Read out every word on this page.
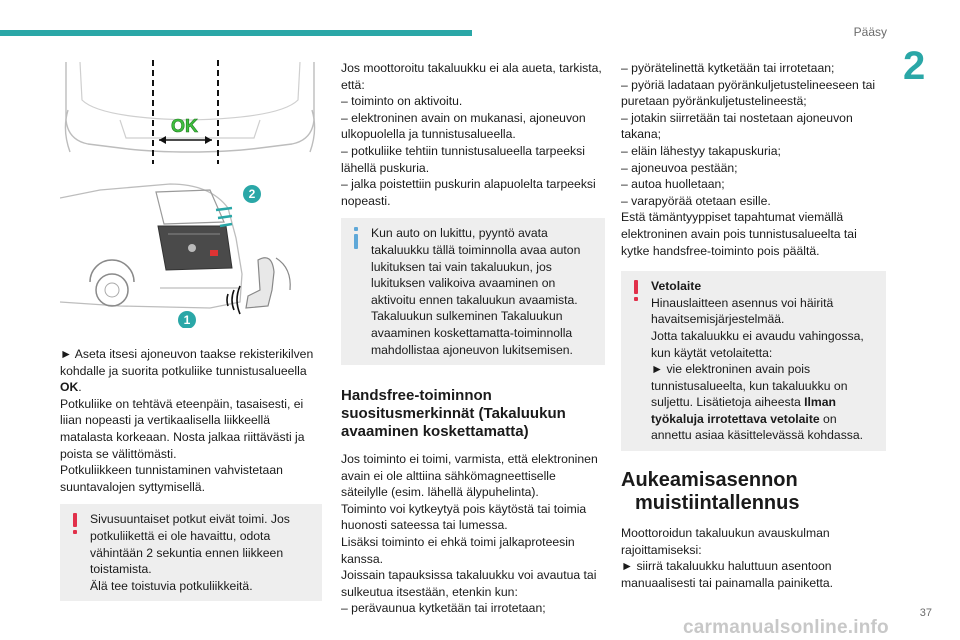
Pääsy
2
OK
2
1

► Aseta itsesi ajoneuvon taakse rekisterikilven kohdalle ja suorita potkuliike tunnistusalueella OK.

Potkuliike on tehtävä eteenpäin, tasaisesti, ei liian nopeasti ja vertikaalisella liikkeellä matalasta korkeaan. Nosta jalkaa riittävästi ja poista se välittömästi.

Potkuliikkeen tunnistaminen vahvistetaan suuntavalojen syttymisellä.

Sivusuuntaiset potkut eivät toimi. Jos potkuliikettä ei ole havaittu, odota vähintään 2 sekuntia ennen liikkeen toistamista.

Älä tee toistuvia potkuliikkeitä.

Jos moottoroitu takaluukku ei ala aueta, tarkista, että:

– toiminto on aktivoitu.

– elektroninen avain on mukanasi, ajoneuvon ulkopuolella ja tunnistusalueella.

– potkuliike tehtiin tunnistusalueella tarpeeksi lähellä puskuria.

– jalka poistettiin puskurin alapuolelta tarpeeksi nopeasti.

Kun auto on lukittu, pyyntö avata takaluukku tällä toiminnolla avaa auton lukituksen tai vain takaluukun, jos lukituksen valikoiva avaaminen on aktivoitu ennen takaluukun avaamista.

Takaluukun sulkeminen Takaluukun avaaminen koskettamatta-toiminnolla mahdollistaa ajoneuvon lukitsemisen.

Handsfree-toiminnon suositusmerkinnät (Takaluukun avaaminen koskettamatta)

Jos toiminto ei toimi, varmista, että elektroninen avain ei ole alttiina sähkömagneettiselle säteilylle (esim. lähellä älypuhelinta).

Toiminto voi kytkeytyä pois käytöstä tai toimia huonosti sateessa tai lumessa.

Lisäksi toiminto ei ehkä toimi jalkaproteesin kanssa.

Joissain tapauksissa takaluukku voi avautua tai sulkeutua itsestään, etenkin kun:

– perävaunua kytketään tai irrotetaan;

– pyörätelinettä kytketään tai irrotetaan;

– pyöriä ladataan pyöränkuljetustelineeseen tai puretaan pyöränkuljetustelineestä;

– jotakin siirretään tai nostetaan ajoneuvon takana;

– eläin lähestyy takapuskuria;

– ajoneuvoa pestään;

– autoa huolletaan;

– varapyörää otetaan esille.

Estä tämäntyyppiset tapahtumat viemällä elektroninen avain pois tunnistusalueelta tai kytke handsfree-toiminto pois päältä.

Vetolaite

Hinauslaitteen asennus voi häiritä havaitsemisjärjestelmää.

Jotta takaluukku ei avaudu vahingossa, kun käytät vetolaitetta:

► vie elektroninen avain pois tunnistusalueelta, kun takaluukku on suljettu. Lisätietoja aiheesta Ilman työkaluja irrotettava vetolaite on annettu asiaa käsittelevässä kohdassa.

Aukeamisasennon
muistiintallennus

Moottoroidun takaluukun avauskulman rajoittamiseksi:

► siirrä takaluukku haluttuun asentoon manuaalisesti tai painamalla painiketta.

37
carmanualsonline.info
